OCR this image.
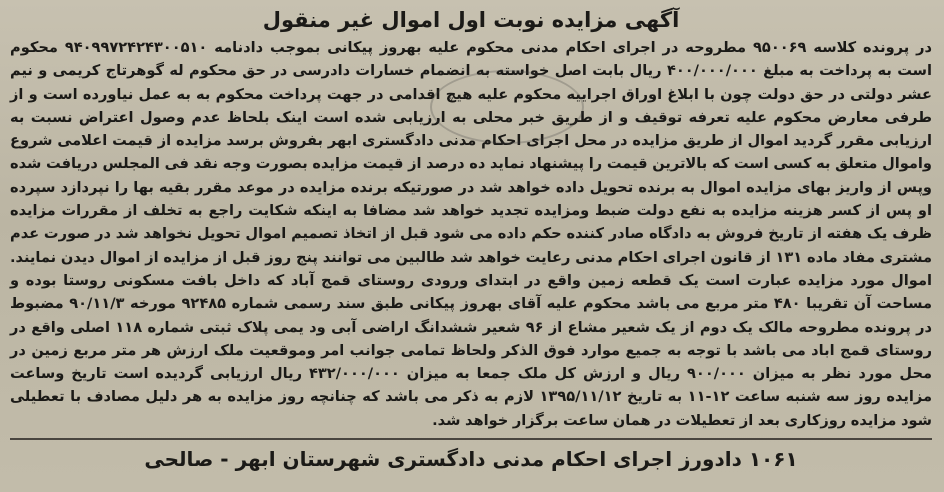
آگهی مزایده نوبت اول اموال غیر منقول

در پرونده کلاسه ۹۵۰۰۶۹ مطروحه در اجرای احکام مدنی محکوم علیه بهروز پیکانی بموجب دادنامه ۹۴۰۹۹۷۲۴۲۴۳۰۰۵۱۰ محکوم است به پرداخت به مبلغ ۴۰۰/۰۰۰/۰۰۰ ریال بابت اصل خواسته به انضمام خسارات دادرسی در حق محکوم له گوهرتاج کریمی و نیم عشر دولتی در حق دولت چون با ابلاغ اوراق اجراییه محکوم علیه هیچ اقدامی در جهت پرداخت محکوم به به عمل نیاورده است و از طرفی معارض محکوم علیه تعرفه توقیف و از طریق خبر محلی به ارزیابی شده است اینک بلحاظ عدم وصول اعتراض نسبت به ارزیابی مقرر گردید اموال از طریق مزایده در محل اجرای احکام مدنی دادگستری ابهر بفروش برسد مزایده از قیمت اعلامی شروع واموال متعلق به کسی است که بالاترین قیمت را پیشنهاد نماید ده درصد از قیمت مزایده بصورت وجه نقد فی المجلس دریافت شده وپس از واریز بهای مزایده اموال به برنده تحویل داده خواهد شد در صورتیکه برنده مزایده در موعد مقرر بقیه بها را نپردازد سپرده او پس از کسر هزینه مزایده به نفع دولت ضبط ومزایده تجدید خواهد شد مضافا به اینکه شکایت راجع به تخلف از مقررات مزایده ظرف یک هفته از تاریخ فروش به دادگاه صادر کننده حکم داده می شود قبل از اتخاذ تصمیم اموال تحویل نخواهد شد در صورت عدم مشتری مفاد ماده ۱۳۱ از قانون اجرای احکام مدنی رعایت خواهد شد طالبین می توانند پنج روز قبل از مزایده از اموال دیدن نمایند. اموال مورد مزایده عبارت است یک قطعه زمین واقع در ابتدای ورودی روستای قمج آباد که داخل بافت مسکونی روستا بوده و مساحت آن تقریبا ۴۸۰ متر مربع می باشد محکوم علیه آقای بهروز پیکانی طبق سند رسمی شماره ۹۲۴۸۵ مورخه ۹۰/۱۱/۳ مضبوط در پرونده مطروحه مالک یک دوم از یک شعیر مشاع از ۹۶ شعیر ششدانگ اراضی آبی ود یمی پلاک ثبتی شماره ۱۱۸ اصلی واقع در روستای قمج اباد می باشد با توجه به جمیع موارد فوق الذکر ولحاظ تمامی جوانب امر وموقعیت ملک ارزش هر متر مربع زمین در محل مورد نظر به میزان ۹۰۰/۰۰۰ ریال و ارزش کل ملک جمعا به میزان ۴۳۲/۰۰۰/۰۰۰ ریال ارزیابی گردیده است تاریخ وساعت مزایده روز سه شنبه ساعت ۱۲-۱۱ به تاریخ ۱۳۹۵/۱۱/۱۲ لازم به ذکر می باشد که چنانچه روز مزایده به هر دلیل مصادف با تعطیلی شود مزایده روزکاری بعد از تعطیلات در همان ساعت برگزار خواهد شد.

۱۰۶۱ دادورز اجرای احکام مدنی دادگستری شهرستان ابهر - صالحی
